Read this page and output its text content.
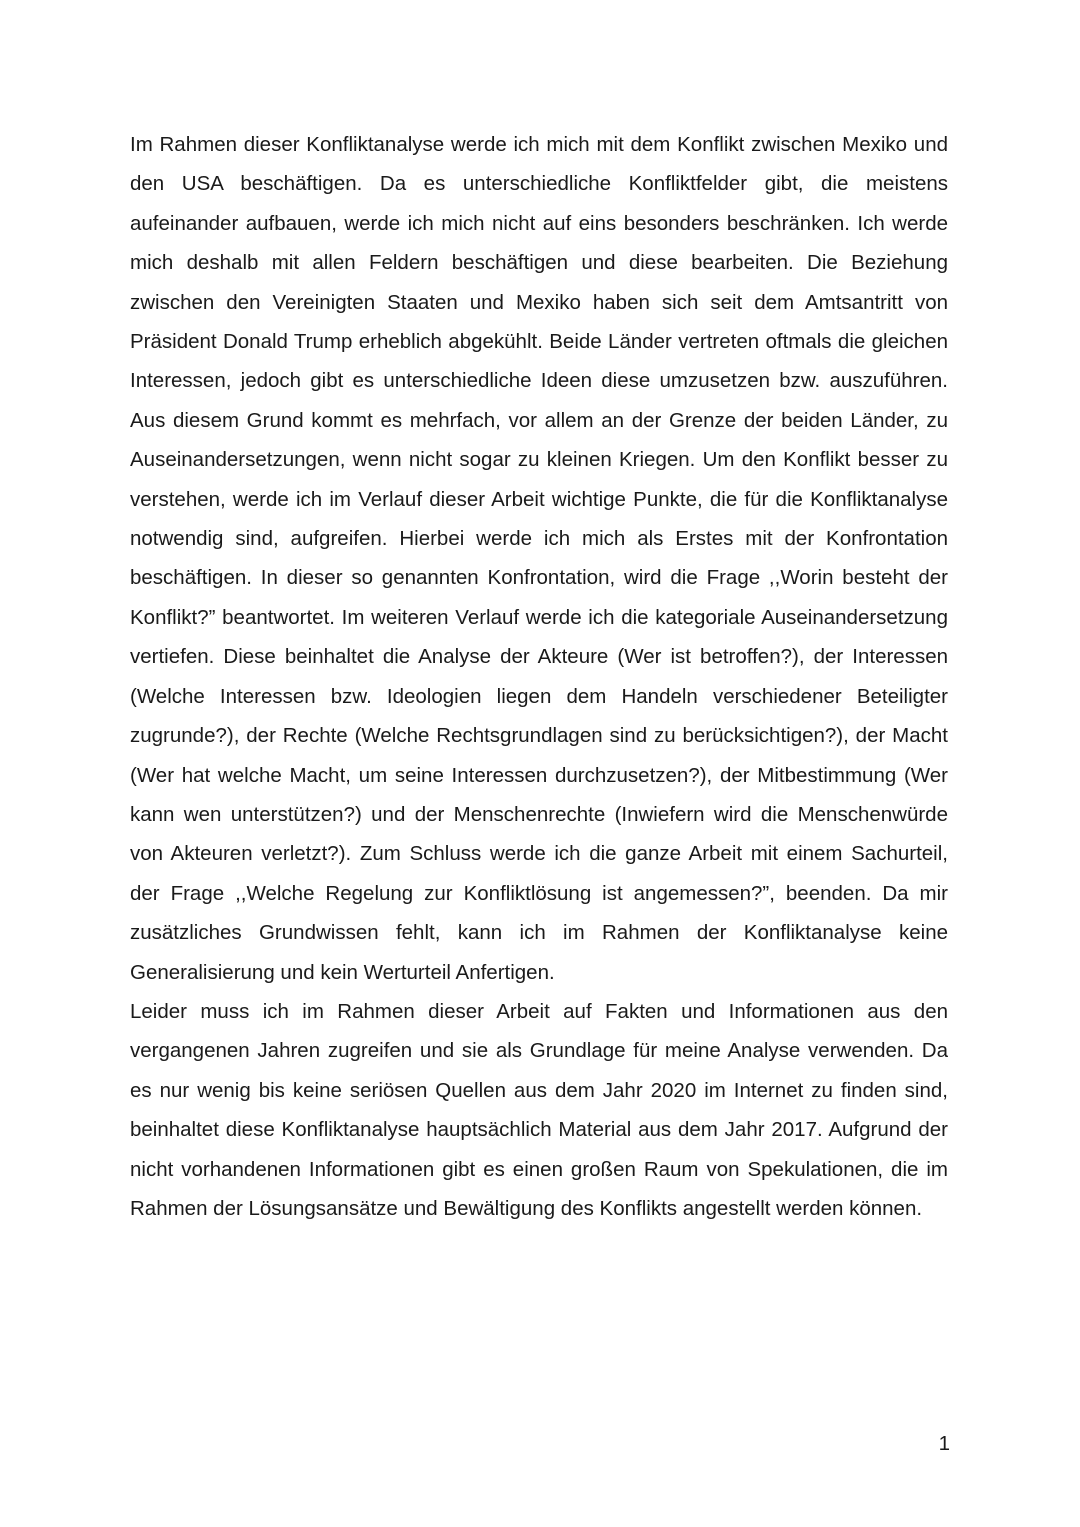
Im Rahmen dieser Konfliktanalyse werde ich mich mit dem Konflikt zwischen Mexiko und den USA beschäftigen. Da es unterschiedliche Konfliktfelder gibt, die meistens aufeinander aufbauen, werde ich mich nicht auf eins besonders beschränken. Ich werde mich deshalb mit allen Feldern beschäftigen und diese bearbeiten. Die Beziehung zwischen den Vereinigten Staaten und Mexiko haben sich seit dem Amtsantritt von Präsident Donald Trump erheblich abgekühlt. Beide Länder vertreten oftmals die gleichen Interessen, jedoch gibt es unterschiedliche Ideen diese umzusetzen bzw. auszuführen. Aus diesem Grund kommt es mehrfach, vor allem an der Grenze der beiden Länder, zu Auseinandersetzungen, wenn nicht sogar zu kleinen Kriegen. Um den Konflikt besser zu verstehen, werde ich im Verlauf dieser Arbeit wichtige Punkte, die für die Konfliktanalyse notwendig sind, aufgreifen. Hierbei werde ich mich als Erstes mit der Konfrontation beschäftigen. In dieser so genannten Konfrontation, wird die Frage ,,Worin besteht der Konflikt?” beantwortet. Im weiteren Verlauf werde ich die kategoriale Auseinandersetzung vertiefen. Diese beinhaltet die Analyse der Akteure (Wer ist betroffen?), der Interessen (Welche Interessen bzw. Ideologien liegen dem Handeln verschiedener Beteiligter zugrunde?), der Rechte (Welche Rechtsgrundlagen sind zu berücksichtigen?), der Macht (Wer hat welche Macht, um seine Interessen durchzusetzen?), der Mitbestimmung (Wer kann wen unterstützen?) und der Menschenrechte (Inwiefern wird die Menschenwürde von Akteuren verletzt?). Zum Schluss werde ich die ganze Arbeit mit einem Sachurteil, der Frage ,,Welche Regelung zur Konfliktlösung ist angemessen?”, beenden. Da mir zusätzliches Grundwissen fehlt, kann ich im Rahmen der Konfliktanalyse keine Generalisierung und kein Werturteil Anfertigen.

Leider muss ich im Rahmen dieser Arbeit auf Fakten und Informationen aus den vergangenen Jahren zugreifen und sie als Grundlage für meine Analyse verwenden. Da es nur wenig bis keine seriösen Quellen aus dem Jahr 2020 im Internet zu finden sind, beinhaltet diese Konfliktanalyse hauptsächlich Material aus dem Jahr 2017. Aufgrund der nicht vorhandenen Informationen gibt es einen großen Raum von Spekulationen, die im Rahmen der Lösungsansätze und Bewältigung des Konflikts angestellt werden können.

1
